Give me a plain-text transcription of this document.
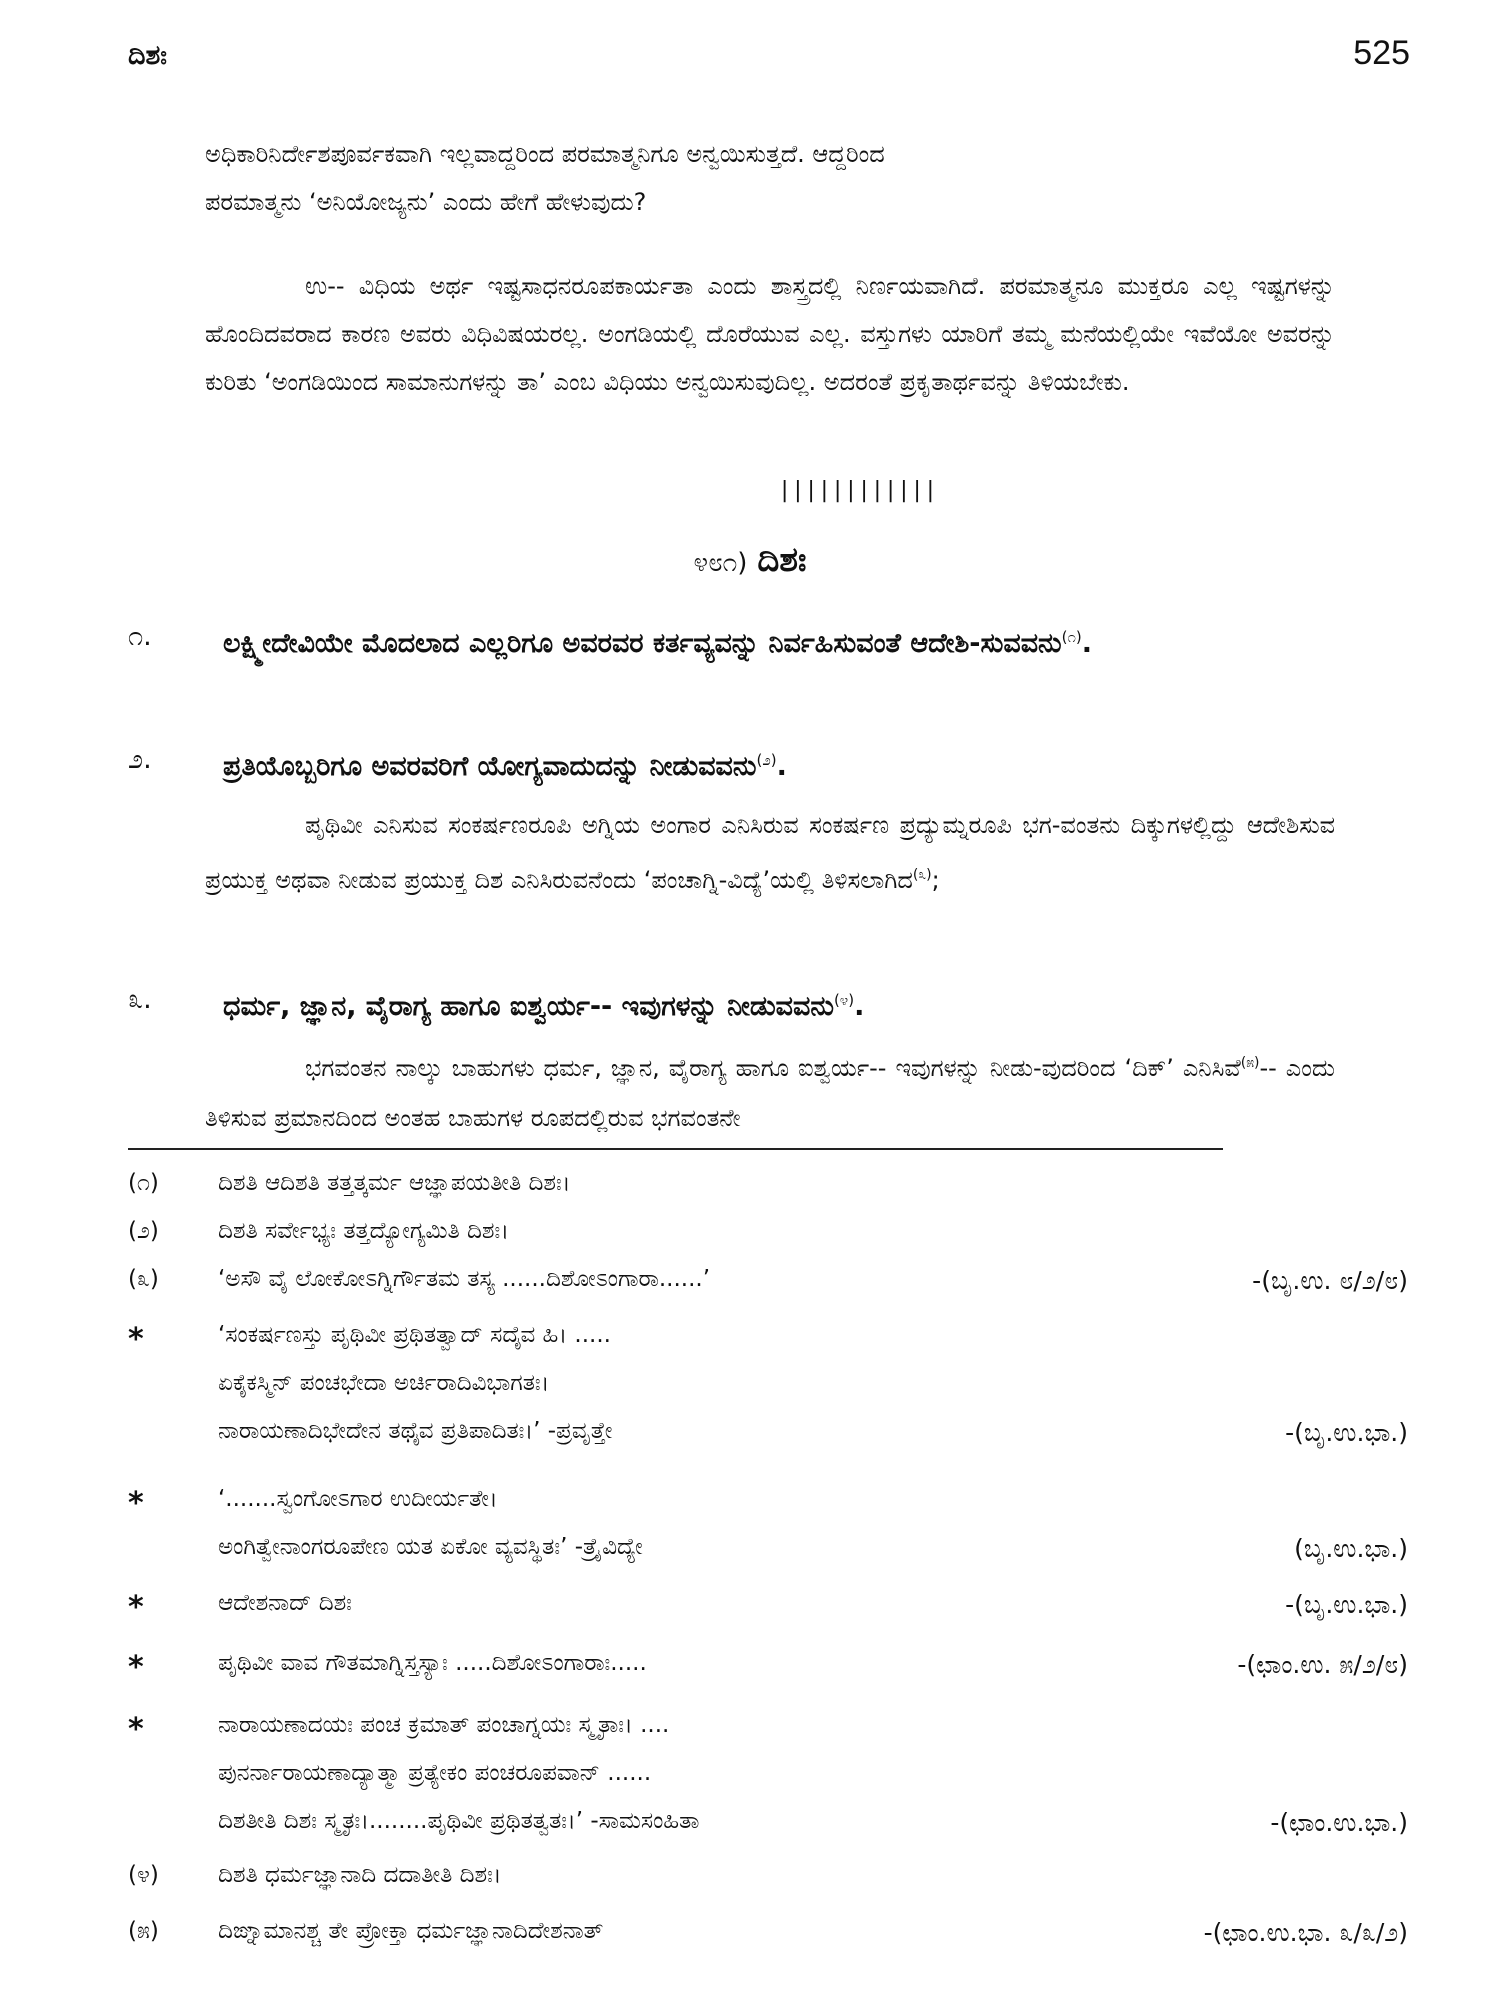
ದಿಶಃ	525
ಅಧಿಕಾರಿನಿರ್ದೇಶಪೂರ್ವಕವಾಗಿ ಇಲ್ಲವಾದ್ದರಿಂದ ಪರಮಾತ್ಮನಿಗೂ ಅನ್ವಯಿಸುತ್ತದೆ. ಆದ್ದರಿಂದ
ಪರಮಾತ್ಮನು ‘ಅನಿಯೋಜ್ಯನು’ ಎಂದು ಹೇಗೆ ಹೇಳುವುದು?
ಉ-- ವಿಧಿಯ ಅರ್ಥ ಇಷ್ಟಸಾಧನರೂಪಕಾರ್ಯತಾ ಎಂದು ಶಾಸ್ತ್ರದಲ್ಲಿ ನಿರ್ಣಯವಾಗಿದೆ. ಪರಮಾತ್ಮನೂ ಮುಕ್ತರೂ ಎಲ್ಲ ಇಷ್ಟಗಳನ್ನು ಹೊಂದಿದವರಾದ ಕಾರಣ ಅವರು ವಿಧಿವಿಷಯರಲ್ಲ. ಅಂಗಡಿಯಲ್ಲಿ ದೊರೆಯುವ ಎಲ್ಲ. ವಸ್ತುಗಳು ಯಾರಿಗೆ ತಮ್ಮ ಮನೆಯಲ್ಲಿಯೇ ಇವೆಯೋ ಅವರನ್ನು ಕುರಿತು ‘ಅಂಗಡಿಯಿಂದ ಸಾಮಾನುಗಳನ್ನು ತಾ’ ಎಂಬ ವಿಧಿಯು ಅನ್ವಯಿಸುವುದಿಲ್ಲ. ಅದರಂತೆ ಪ್ರಕೃತಾರ್ಥವನ್ನು ತಿಳಿಯಬೇಕು.
||||||||||||
೪೮೧) ದಿಶಃ
೧.	ಲಕ್ಷ್ಮೀದೇವಿಯೇ ಮೊದಲಾದ ಎಲ್ಲರಿಗೂ ಅವರವರ ಕರ್ತವ್ಯವನ್ನು ನಿರ್ವಹಿಸುವಂತೆ ಆದೇಶಿ-ಸುವವನು$^{(೧)}$.
೨.	ಪ್ರತಿಯೊಬ್ಬರಿಗೂ ಅವರವರಿಗೆ ಯೋಗ್ಯವಾದುದನ್ನು ನೀಡುವವನು$^{(೨)}$.
ಪೃಥಿವೀ ಎನಿಸುವ ಸಂಕರ್ಷಣರೂಪಿ ಅಗ್ನಿಯ ಅಂಗಾರ ಎನಿಸಿರುವ ಸಂಕರ್ಷಣ ಪ್ರದ್ಯುಮ್ನರೂಪಿ ಭಗ-ವಂತನು ದಿಕ್ಕುಗಳಲ್ಲಿದ್ದು ಆದೇಶಿಸುವ ಪ್ರಯುಕ್ತ ಅಥವಾ ನೀಡುವ ಪ್ರಯುಕ್ತ ದಿಶ ಎನಿಸಿರುವನೆಂದು ‘ಪಂಚಾಗ್ನಿ-ವಿದ್ಯೆ’ಯಲ್ಲಿ ತಿಳಿಸಲಾಗಿದ$^{(೩)}$;
೩.	ಧರ್ಮ, ಜ್ಞಾನ, ವೈರಾಗ್ಯ ಹಾಗೂ ಐಶ್ವರ್ಯ-- ಇವುಗಳನ್ನು ನೀಡುವವನು$^{(೪)}$.
ಭಗವಂತನ ನಾಲ್ಕು ಬಾಹುಗಳು ಧರ್ಮ, ಜ್ಞಾನ, ವೈರಾಗ್ಯ ಹಾಗೂ ಐಶ್ವರ್ಯ-- ಇವುಗಳನ್ನು ನೀಡು-ವುದರಿಂದ ‘ದಿಕ್’ ಎನಿಸಿವೆ$^{(೫)}$-- ಎಂದು ತಿಳಿಸುವ ಪ್ರಮಾನದಿಂದ ಅಂತಹ ಬಾಹುಗಳ ರೂಪದಲ್ಲಿರುವ ಭಗವಂತನೇ
(೧)	ದಿಶತಿ ಆದಿಶತಿ ತತ್ತತ್ಕರ್ಮ ಆಜ್ಞಾಪಯತೀತಿ ದಿಶಃ।
(೨)	ದಿಶತಿ ಸರ್ವೇಭ್ಯಃ ತತ್ತದ್ಯೋಗ್ಯಮಿತಿ ದಿಶಃ।
(೩)	‘ಅಸೌ ವೈ ಲೋಕೋಽಗ್ನಿರ್ಗೌತಮ ತಸ್ಯ ......ದಿಶೋಽಂಗಾರಾ......’	-(ಬೃ.ಉ. ೮/೨/೮)
*	‘ಸಂಕರ್ಷಣಸ್ತು ಪೃಥಿವೀ ಪ್ರಥಿತತ್ವಾದ್ ಸದೈವ ಹಿ। .....
ಏಕೈಕಸ್ಮಿನ್ ಪಂಚಭೇದಾ ಅರ್ಚಿರಾದಿವಿಭಾಗತಃ।
ನಾರಾಯಣಾದಿಭೇದೇನ ತಥೈವ ಪ್ರತಿಪಾದಿತಃ।’ -ಪ್ರವೃತ್ತೇ	-(ಬೃ.ಉ.ಭಾ.)
*	‘.......ಸ್ವಂಗೋಽಗಾರ ಉದೀರ್ಯತೇ।
ಅಂಗಿತ್ವೇನಾಂಗರೂಪೇಣ ಯತ ಏಕೋ ವ್ಯವಸ್ಥಿತಃ’ -ತ್ರೈವಿದ್ಯೇ	(ಬೃ.ಉ.ಭಾ.)
*	ಆದೇಶನಾದ್ ದಿಶಃ	-(ಬೃ.ಉ.ಭಾ.)
*	ಪೃಥಿವೀ ವಾವ ಗೌತಮಾಗ್ನಿಸ್ತಸ್ಯಾಃ .....ದಿಶೋಽಂಗಾರಾಃ.....	-(ಛಾಂ.ಉ. ೫/೨/೮)
*	ನಾರಾಯಣಾದಯಃ ಪಂಚ ಕ್ರಮಾತ್ ಪಂಚಾಗ್ನಯಃ ಸ್ಮೃತಾಃ। ....
ಪುನರ್ನಾರಾಯಣಾದ್ಯಾತ್ಮಾ ಪ್ರತ್ಯೇಕಂ ಪಂಚರೂಪವಾನ್ ......
ದಿಶತೀತಿ ದಿಶಃ ಸ್ಮೃತಃ।........ಪೃಥಿವೀ ಪ್ರಥಿತತ್ವತಃ।’ -ಸಾಮಸಂಹಿತಾ	-(ಛಾಂ.ಉ.ಭಾ.)
(೪)	ದಿಶತಿ ಧರ್ಮಜ್ಞಾನಾದಿ ದದಾತೀತಿ ದಿಶಃ।
(೫)	ದಿಙ್ನಾಮಾನಶ್ಚ ತೇ ಪ್ರೋಕ್ತಾ ಧರ್ಮಜ್ಞಾನಾದಿದೇಶನಾತ್	-(ಛಾಂ.ಉ.ಭಾ. ೩/೩/೨)
